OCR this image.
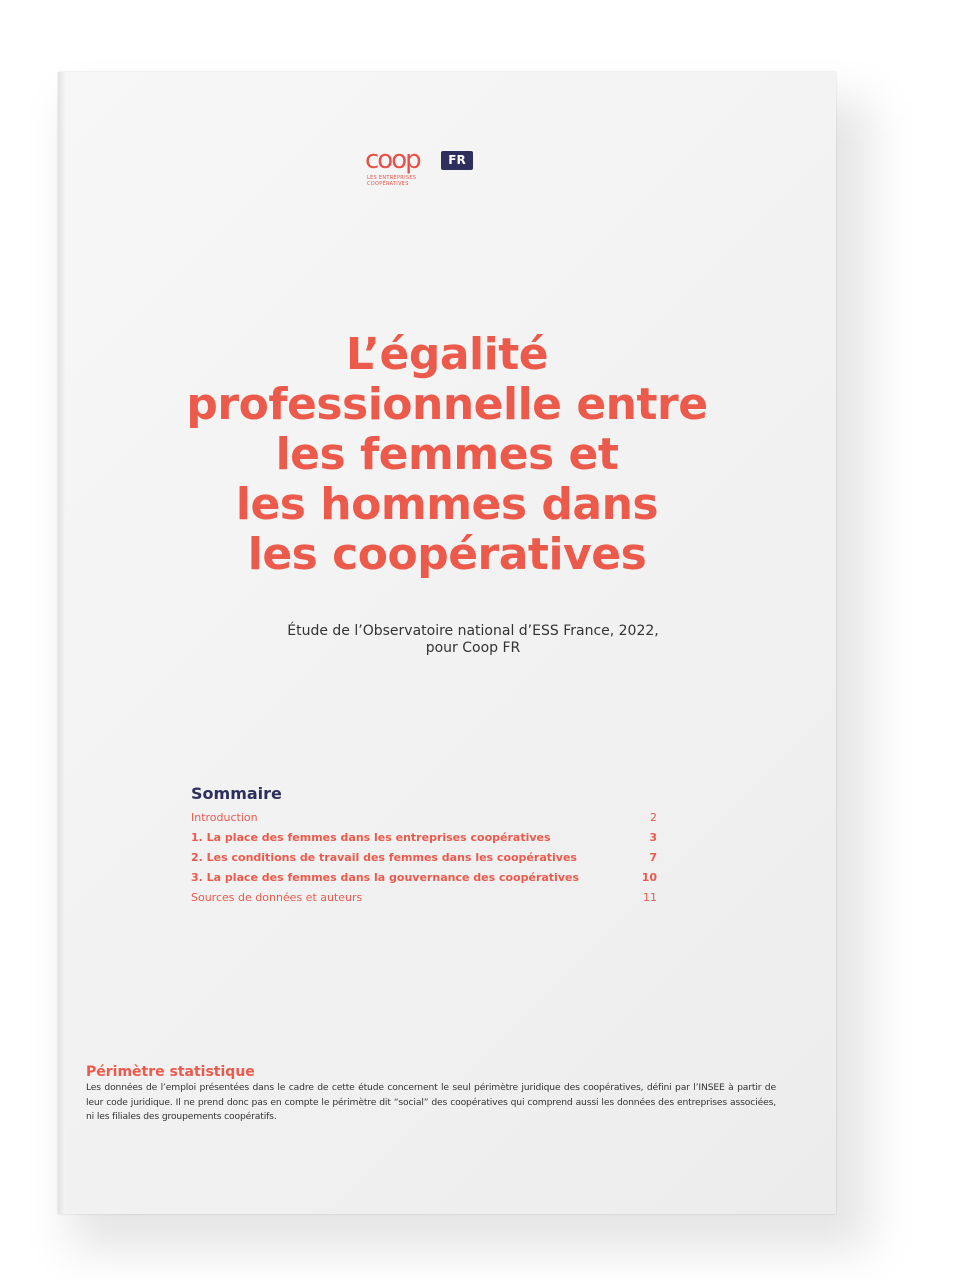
coop	FR
LES ENTREPRISES COOPÉRATIVES
L’égalité
professionnelle entre
les femmes et
les hommes dans
les coopératives
Étude de l’Observatoire national d’ESS France, 2022,
pour Coop FR
Sommaire
Introduction	2
1. La place des femmes dans les entreprises coopératives	3
2. Les conditions de travail des femmes dans les coopératives	7
3. La place des femmes dans la gouvernance des coopératives	10
Sources de données et auteurs	11
Périmètre statistique
Les données de l’emploi présentées dans le cadre de cette étude concernent le seul périmètre juridique des coopératives, défini par l’INSEE à partir de leur code juridique. Il ne prend donc pas en compte le périmètre dit “social” des coopératives qui comprend aussi les données des entreprises associées, ni les filiales des groupements coopératifs.
